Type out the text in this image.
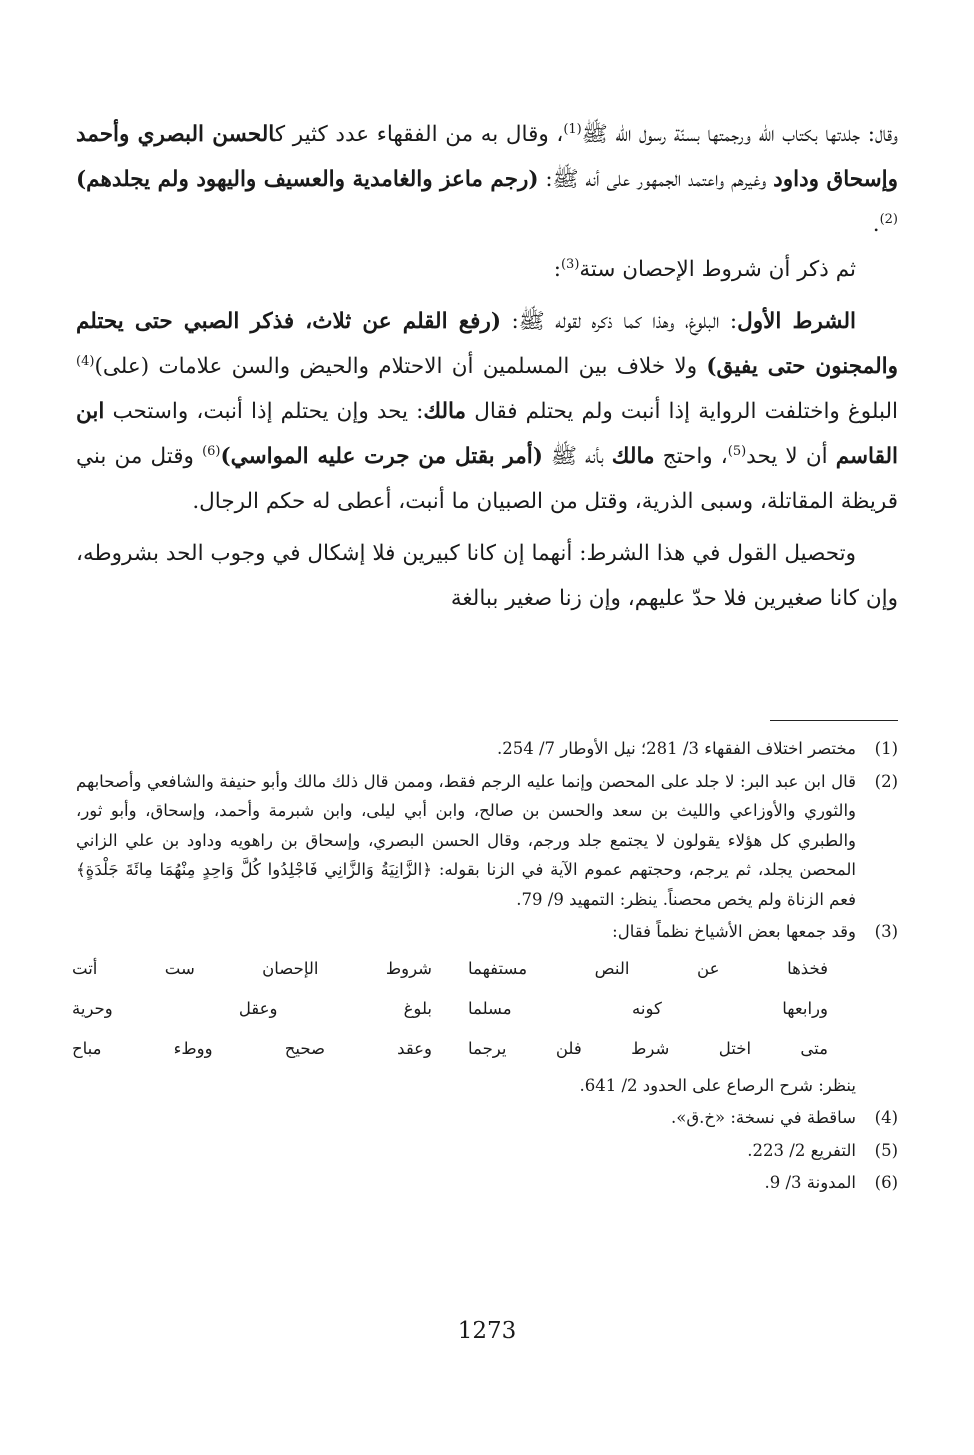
وقال: جلدتها بكتاب الله ورجمتها بسنّة رسول الله ﷺ$^{(1)}$، وقال به من الفقهاء عدد كثير كالحسن البصري وأحمد وإسحاق وداود وغيرهم واعتمد الجمهور على أنه ﷺ: (رجم ماعز والغامدية والعسيف واليهود ولم يجلدهم)$^{(2)}$.

ثم ذكر أن شروط الإحصان ستة$^{(3)}$:

الشرط الأول: البلوغ، وهذا كما ذكره لقوله ﷺ: (رفع القلم عن ثلاث، فذكر الصبي حتى يحتلم والمجنون حتى يفيق) ولا خلاف بين المسلمين أن الاحتلام والحيض والسن علامات (على)$^{(4)}$ البلوغ واختلفت الرواية إذا أنبت ولم يحتلم فقال مالك: يحد وإن يحتلم إذا أنبت، واستحب ابن القاسم أن لا يحد$^{(5)}$، واحتج مالك بأنه ﷺ (أمر بقتل من جرت عليه المواسي)$^{(6)}$ وقتل من بني قريظة المقاتلة، وسبى الذرية، وقتل من الصبيان ما أنبت، أعطى له حكم الرجال.

وتحصيل القول في هذا الشرط: أنهما إن كانا كبيرين فلا إشكال في وجوب الحد بشروطه، وإن كانا صغيرين فلا حدّ عليهم، وإن زنا صغير ببالغة

(1)
مختصر اختلاف الفقهاء 3/ 281؛ نيل الأوطار 7/ 254.
(2)
قال ابن عبد البر: لا جلد على المحصن وإنما عليه الرجم فقط، وممن قال ذلك مالك وأبو حنيفة والشافعي وأصحابهم والثوري والأوزاعي والليث بن سعد والحسن بن صالح، وابن أبي ليلى، وابن شبرمة وأحمد، وإسحاق، وأبو ثور، والطبري كل هؤلاء يقولون لا يجتمع جلد ورجم، وقال الحسن البصري، وإسحاق بن راهويه وداود بن علي الزاني المحصن يجلد، ثم يرجم، وحجتهم عموم الآية في الزنا بقوله: ﴿الزَّانِيَةُ وَالزَّانِي فَاجْلِدُوا كُلَّ وَاحِدٍ مِنْهُمَا مِائَةَ جَلْدَةٍ﴾ فعم الزناة ولم يخص محصناً. ينظر: التمهيد 9/ 79.
(3)
وقد جمعها بعض الأشياخ نظماً فقال:
فخذها عن النص مستفهما
شروط الإحصان ست أتت
ورابعها كونه مسلما
بلوغ وعقل وحرية
متى اختل شرط فلن يرجما
وعقد صحيح ووطء مباح
ينظر: شرح الرصاع على الحدود 2/ 641.
(4)
ساقطة في نسخة: «خ.ق».
(5)
التفريع 2/ 223.
(6)
المدونة 3/ 9.
1273
